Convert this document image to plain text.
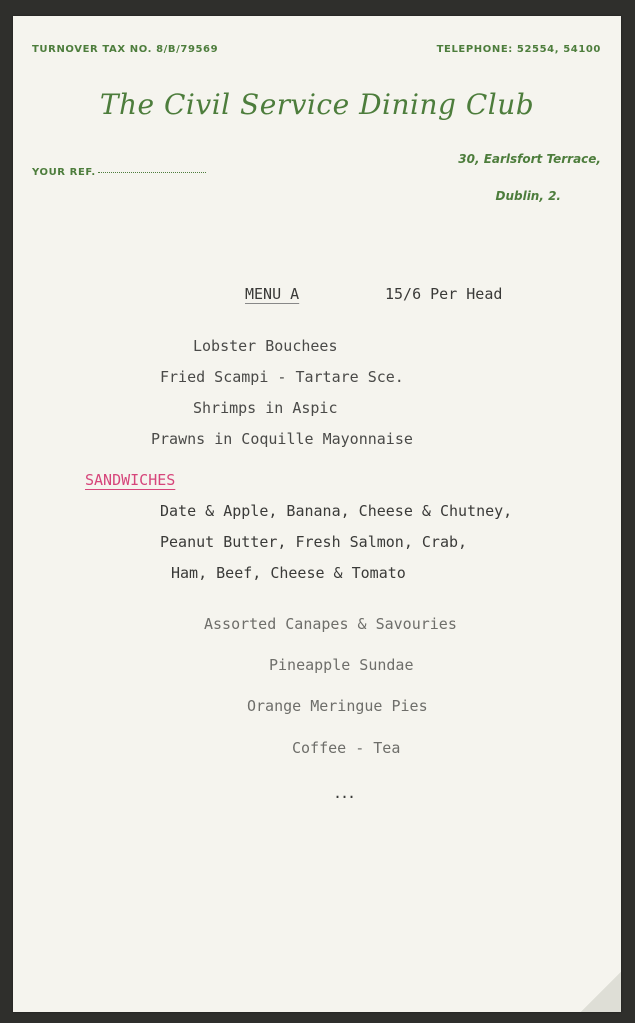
TURNOVER TAX NO. 8/B/79569	TELEPHONE: 52554, 54100
The Civil Service Dining Club
YOUR REF.
30, Earlsfort Terrace,
Dublin, 2.
MENU A	15/6 Per Head
Lobster Bouchees
Fried Scampi - Tartare Sce.
Shrimps in Aspic
Prawns in Coquille Mayonnaise
SANDWICHES
Date & Apple, Banana, Cheese & Chutney,
Peanut Butter, Fresh Salmon, Crab,
Ham, Beef, Cheese & Tomato
Assorted Canapes & Savouries
Pineapple Sundae
Orange Meringue Pies
Coffee - Tea
...
